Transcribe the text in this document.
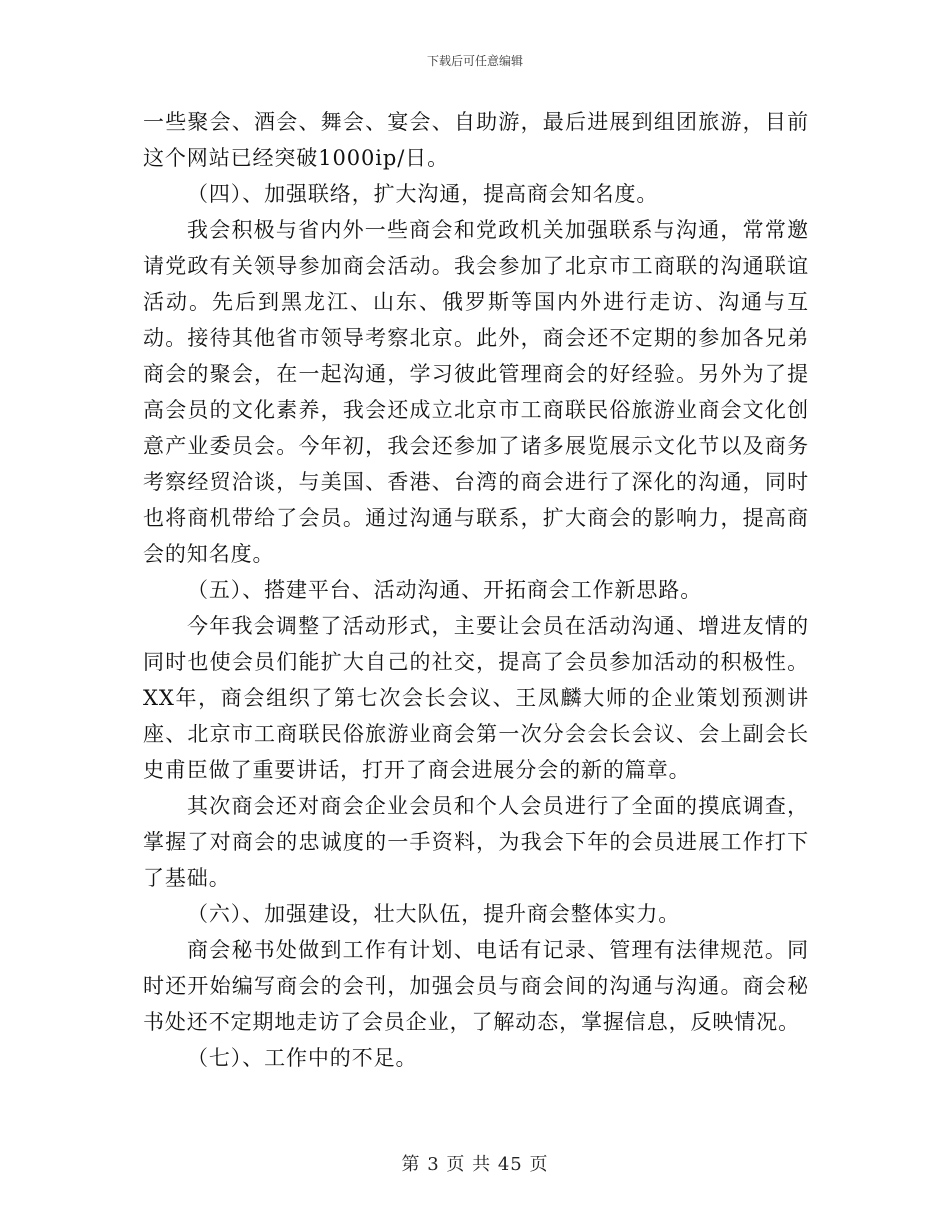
下载后可任意编辑

一些聚会、酒会、舞会、宴会、自助游，最后进展到组团旅游，目前这个网站已经突破1000ip/日。

（四）、加强联络，扩大沟通，提高商会知名度。

我会积极与省内外一些商会和党政机关加强联系与沟通，常常邀请党政有关领导参加商会活动。我会参加了北京市工商联的沟通联谊活动。先后到黑龙江、山东、俄罗斯等国内外进行走访、沟通与互动。接待其他省市领导考察北京。此外，商会还不定期的参加各兄弟商会的聚会，在一起沟通，学习彼此管理商会的好经验。另外为了提高会员的文化素养，我会还成立北京市工商联民俗旅游业商会文化创意产业委员会。今年初，我会还参加了诸多展览展示文化节以及商务考察经贸洽谈，与美国、香港、台湾的商会进行了深化的沟通，同时也将商机带给了会员。通过沟通与联系，扩大商会的影响力，提高商会的知名度。

（五）、搭建平台、活动沟通、开拓商会工作新思路。

今年我会调整了活动形式，主要让会员在活动沟通、增进友情的同时也使会员们能扩大自己的社交，提高了会员参加活动的积极性。XX年，商会组织了第七次会长会议、王凤麟大师的企业策划预测讲座、北京市工商联民俗旅游业商会第一次分会会长会议、会上副会长史甫臣做了重要讲话，打开了商会进展分会的新的篇章。

其次商会还对商会企业会员和个人会员进行了全面的摸底调查，掌握了对商会的忠诚度的一手资料，为我会下年的会员进展工作打下了基础。

（六）、加强建设，壮大队伍，提升商会整体实力。

商会秘书处做到工作有计划、电话有记录、管理有法律规范。同时还开始编写商会的会刊，加强会员与商会间的沟通与沟通。商会秘书处还不定期地走访了会员企业，了解动态，掌握信息，反映情况。

（七）、工作中的不足。

第 3 页 共 45 页
